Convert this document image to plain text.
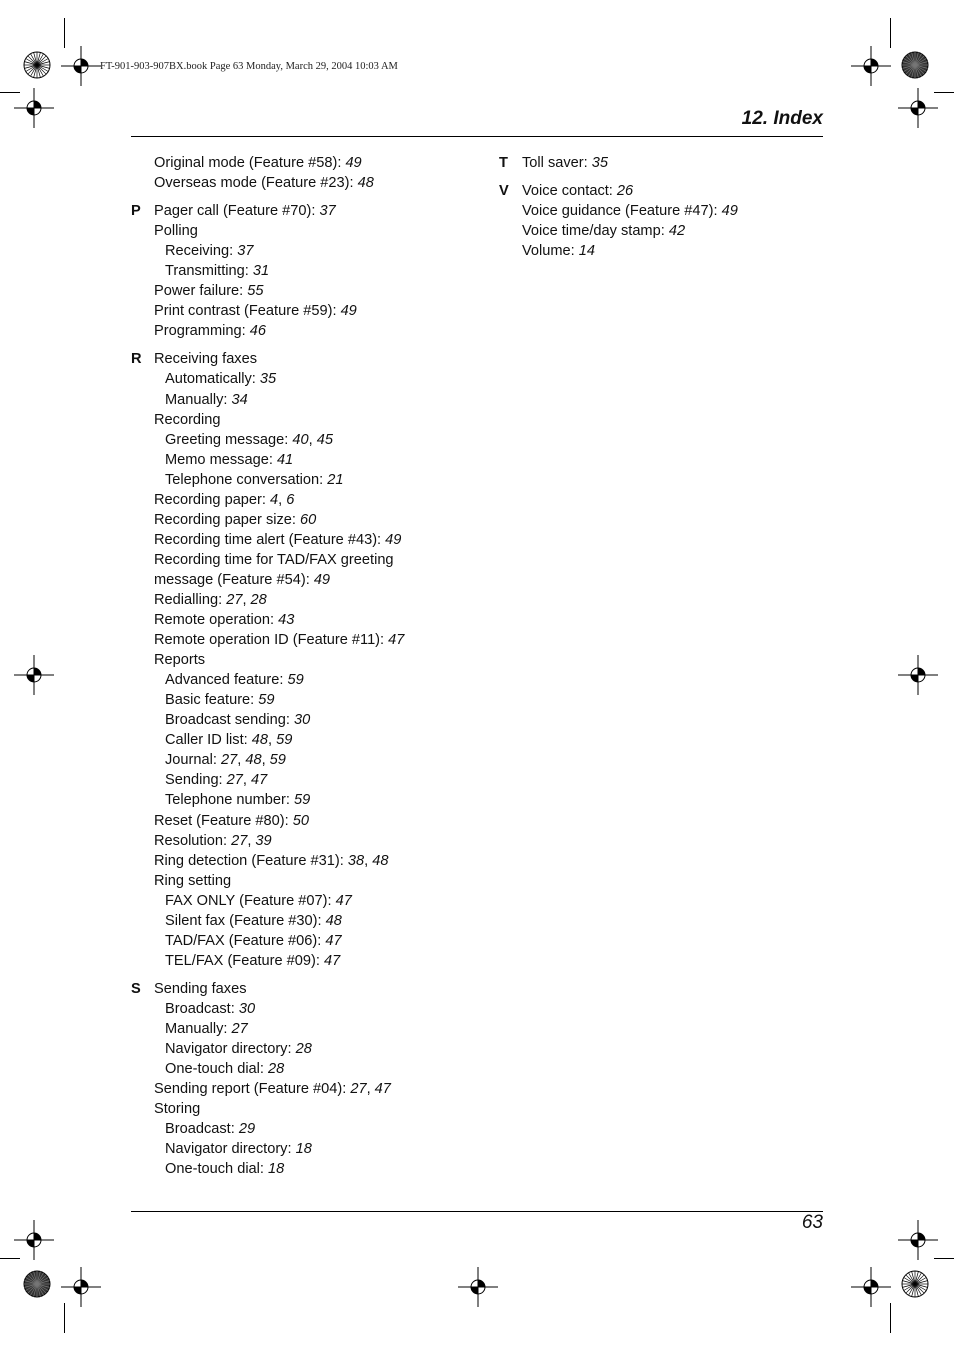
FT-901-903-907BX.book Page 63 Monday, March 29, 2004 10:03 AM
12. Index
Original mode (Feature #58): 49
Overseas mode (Feature #23): 48
P Pager call (Feature #70): 37
Polling
Receiving: 37
Transmitting: 31
Power failure: 55
Print contrast (Feature #59): 49
Programming: 46
R Receiving faxes
Automatically: 35
Manually: 34
Recording
Greeting message: 40, 45
Memo message: 41
Telephone conversation: 21
Recording paper: 4, 6
Recording paper size: 60
Recording time alert (Feature #43): 49
Recording time for TAD/FAX greeting
message (Feature #54): 49
Redialling: 27, 28
Remote operation: 43
Remote operation ID (Feature #11): 47
Reports
Advanced feature: 59
Basic feature: 59
Broadcast sending: 30
Caller ID list: 48, 59
Journal: 27, 48, 59
Sending: 27, 47
Telephone number: 59
Reset (Feature #80): 50
Resolution: 27, 39
Ring detection (Feature #31): 38, 48
Ring setting
FAX ONLY (Feature #07): 47
Silent fax (Feature #30): 48
TAD/FAX (Feature #06): 47
TEL/FAX (Feature #09): 47
S Sending faxes
Broadcast: 30
Manually: 27
Navigator directory: 28
One-touch dial: 28
Sending report (Feature #04): 27, 47
Storing
Broadcast: 29
Navigator directory: 18
One-touch dial: 18
T Toll saver: 35
V Voice contact: 26
Voice guidance (Feature #47): 49
Voice time/day stamp: 42
Volume: 14
63
